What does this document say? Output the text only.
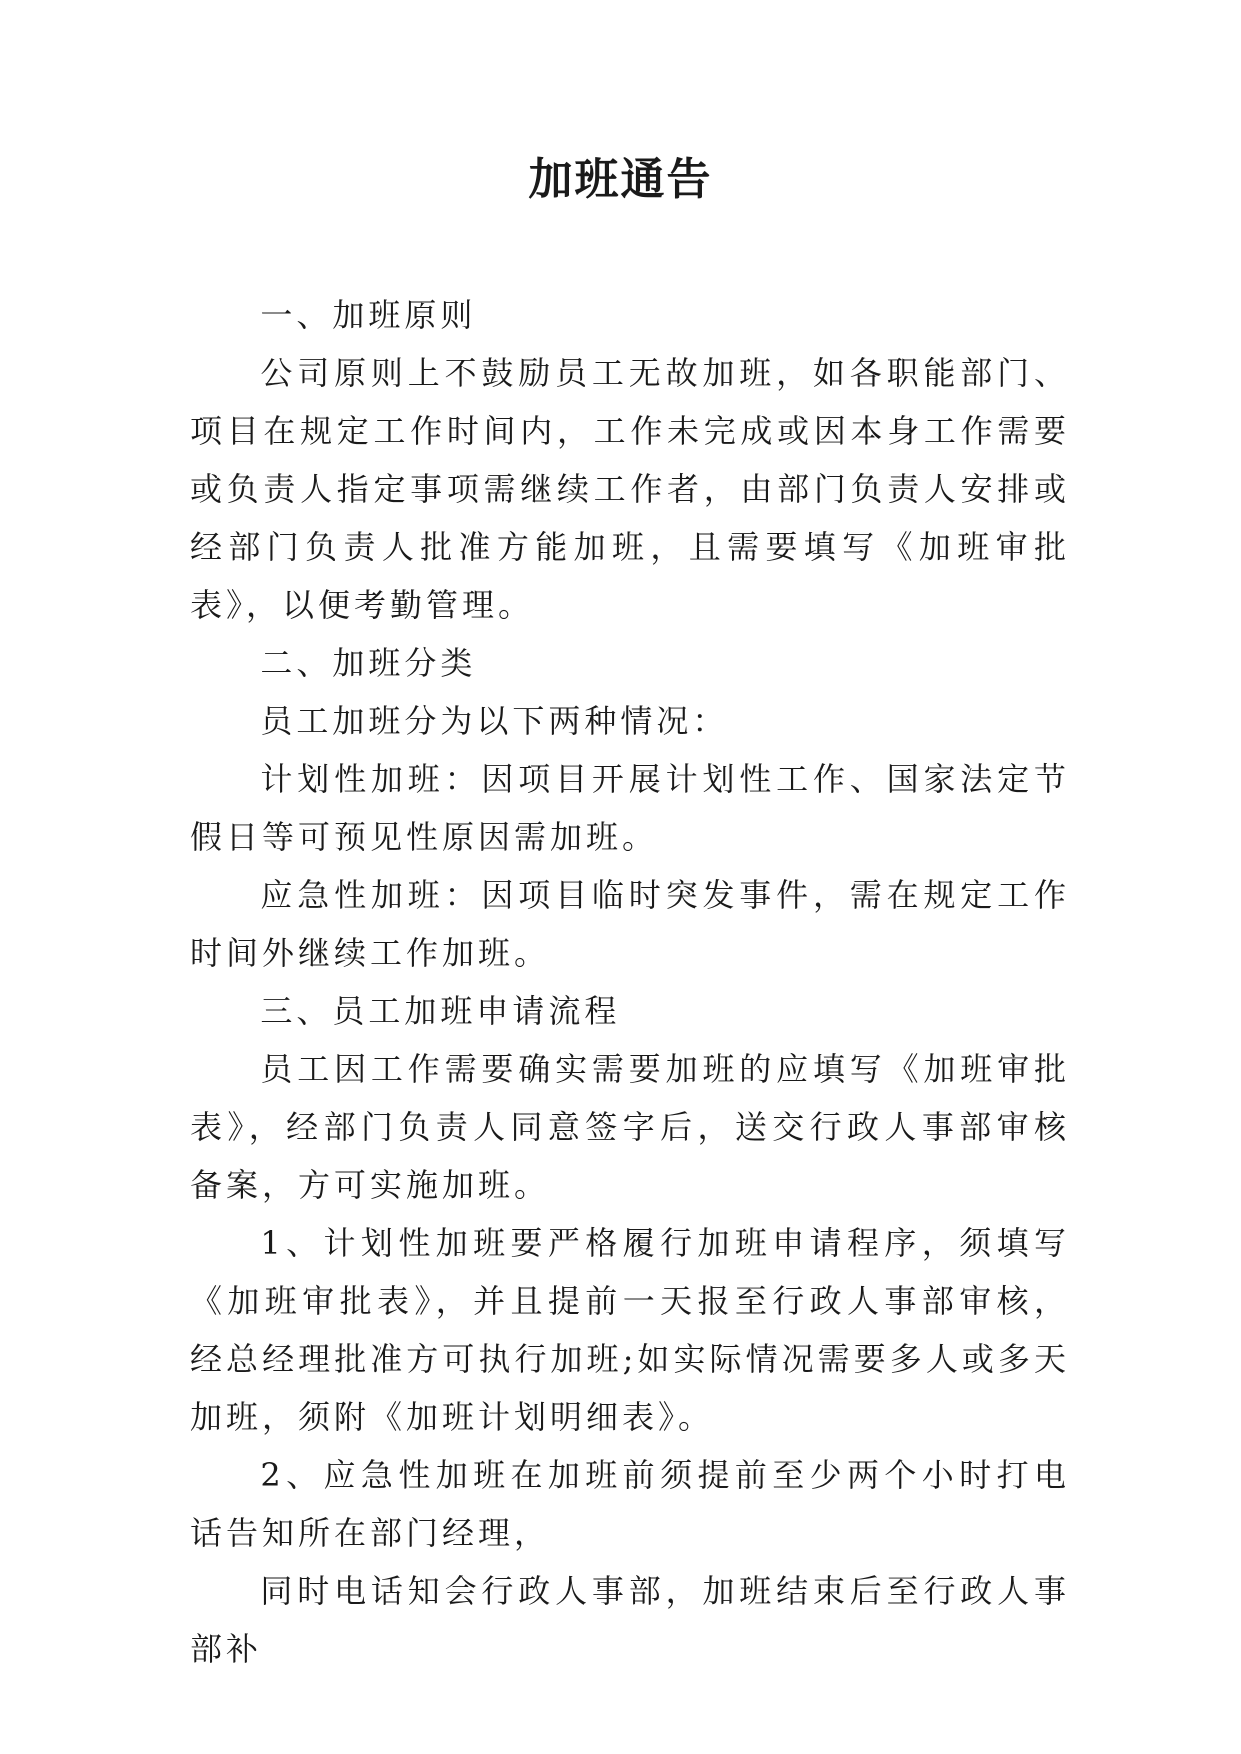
加班通告

一、加班原则

公司原则上不鼓励员工无故加班，如各职能部门、项目在规定工作时间内，工作未完成或因本身工作需要或负责人指定事项需继续工作者，由部门负责人安排或经部门负责人批准方能加班，且需要填写《加班审批表》，以便考勤管理。

二、加班分类

员工加班分为以下两种情况：

计划性加班：因项目开展计划性工作、国家法定节假日等可预见性原因需加班。

应急性加班：因项目临时突发事件，需在规定工作时间外继续工作加班。

三、员工加班申请流程

员工因工作需要确实需要加班的应填写《加班审批表》，经部门负责人同意签字后，送交行政人事部审核备案，方可实施加班。

1、计划性加班要严格履行加班申请程序，须填写《加班审批表》，并且提前一天报至行政人事部审核，经总经理批准方可执行加班;如实际情况需要多人或多天加班，须附《加班计划明细表》。

2、应急性加班在加班前须提前至少两个小时打电话告知所在部门经理，

同时电话知会行政人事部，加班结束后至行政人事部补
